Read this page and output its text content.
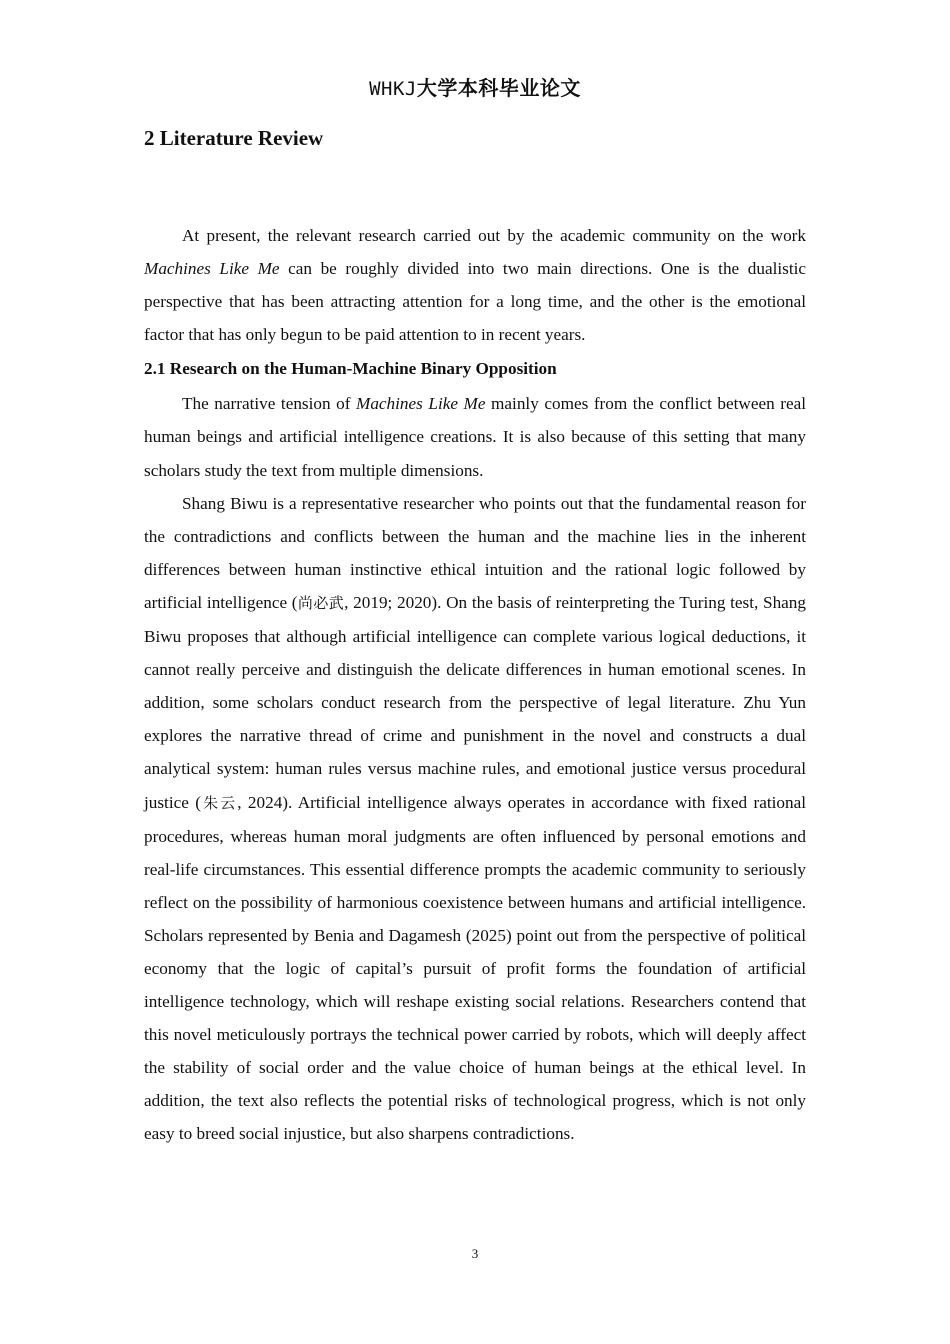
WHKJ大学本科毕业论文
2 Literature Review

At present, the relevant research carried out by the academic community on the work Machines Like Me can be roughly divided into two main directions. One is the dualistic perspective that has been attracting attention for a long time, and the other is the emotional factor that has only begun to be paid attention to in recent years.

2.1 Research on the Human-Machine Binary Opposition

The narrative tension of Machines Like Me mainly comes from the conflict between real human beings and artificial intelligence creations. It is also because of this setting that many scholars study the text from multiple dimensions.

Shang Biwu is a representative researcher who points out that the fundamental reason for the contradictions and conflicts between the human and the machine lies in the inherent differences between human instinctive ethical intuition and the rational logic followed by artificial intelligence (尚必武, 2019; 2020). On the basis of reinterpreting the Turing test, Shang Biwu proposes that although artificial intelligence can complete various logical deductions, it cannot really perceive and distinguish the delicate differences in human emotional scenes. In addition, some scholars conduct research from the perspective of legal literature. Zhu Yun explores the narrative thread of crime and punishment in the novel and constructs a dual analytical system: human rules versus machine rules, and emotional justice versus procedural justice (朱云, 2024). Artificial intelligence always operates in accordance with fixed rational procedures, whereas human moral judgments are often influenced by personal emotions and real-life circumstances. This essential difference prompts the academic community to seriously reflect on the possibility of harmonious coexistence between humans and artificial intelligence. Scholars represented by Benia and Dagamesh (2025) point out from the perspective of political economy that the logic of capital’s pursuit of profit forms the foundation of artificial intelligence technology, which will reshape existing social relations. Researchers contend that this novel meticulously portrays the technical power carried by robots, which will deeply affect the stability of social order and the value choice of human beings at the ethical level. In addition, the text also reflects the potential risks of technological progress, which is not only easy to breed social injustice, but also sharpens contradictions.

3
